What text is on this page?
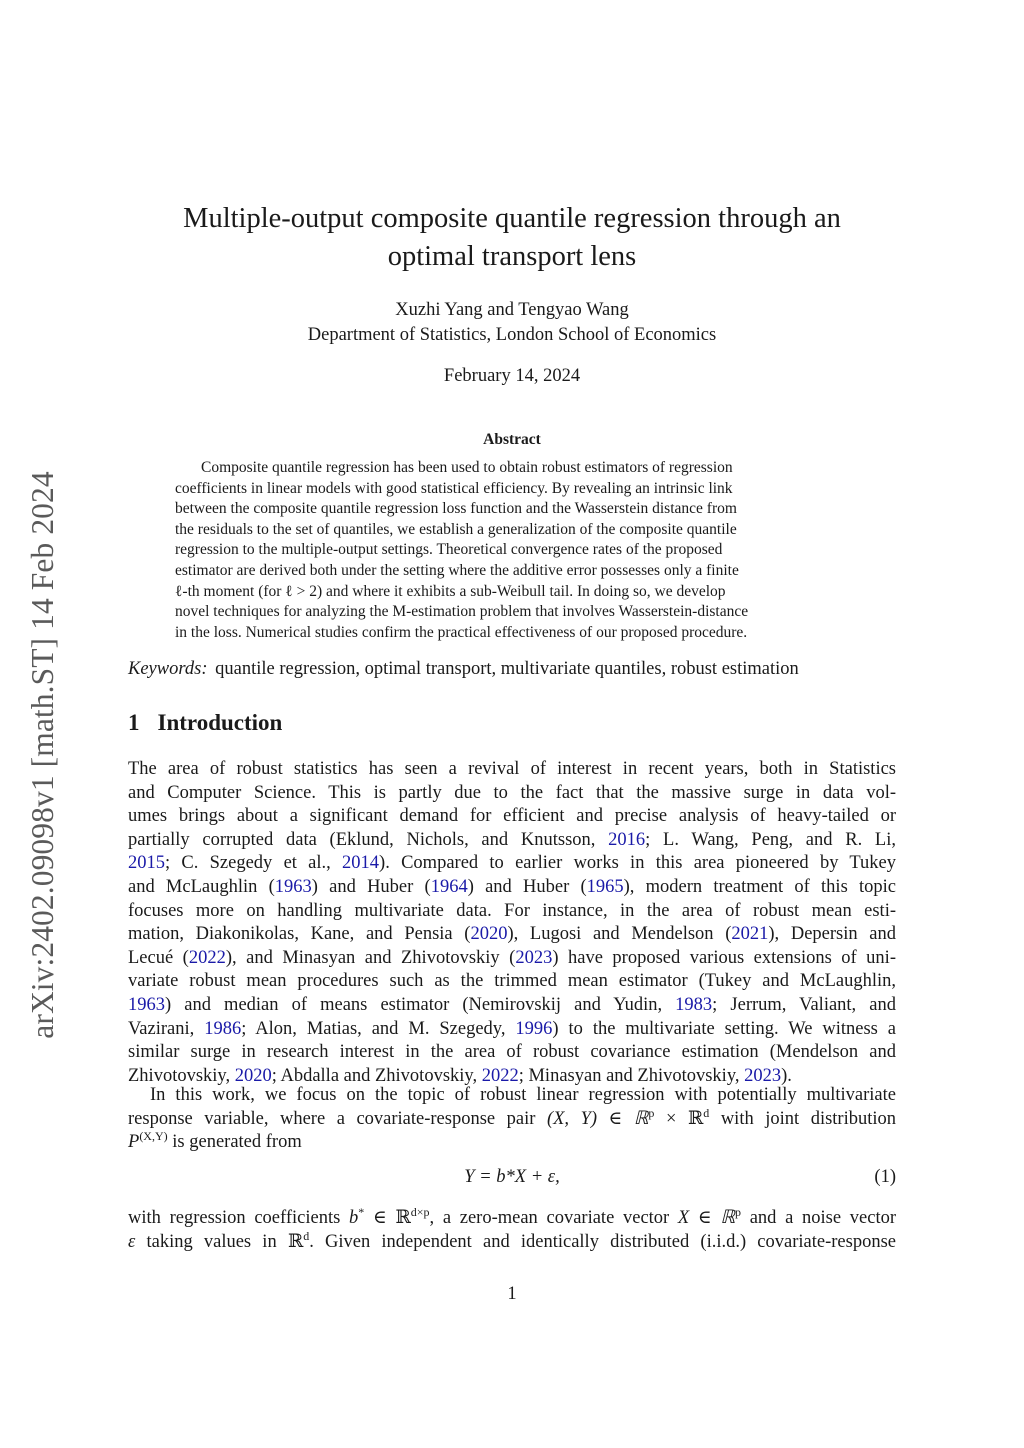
arXiv:2402.09098v1 [math.ST] 14 Feb 2024
Multiple-output composite quantile regression through an
optimal transport lens
Xuzhi Yang and Tengyao Wang
Department of Statistics, London School of Economics
February 14, 2024
Abstract
Composite quantile regression has been used to obtain robust estimators of regression
coefficients in linear models with good statistical efficiency. By revealing an intrinsic link
between the composite quantile regression loss function and the Wasserstein distance from
the residuals to the set of quantiles, we establish a generalization of the composite quantile
regression to the multiple-output settings. Theoretical convergence rates of the proposed
estimator are derived both under the setting where the additive error possesses only a finite
ℓ-th moment (for ℓ > 2) and where it exhibits a sub-Weibull tail. In doing so, we develop
novel techniques for analyzing the M-estimation problem that involves Wasserstein-distance
in the loss. Numerical studies confirm the practical effectiveness of our proposed procedure.
Keywords: quantile regression, optimal transport, multivariate quantiles, robust estimation
1 Introduction
The area of robust statistics has seen a revival of interest in recent years, both in Statistics
and Computer Science. This is partly due to the fact that the massive surge in data vol-
umes brings about a significant demand for efficient and precise analysis of heavy-tailed or
partially corrupted data (Eklund, Nichols, and Knutsson, 2016; L. Wang, Peng, and R. Li,
2015; C. Szegedy et al., 2014). Compared to earlier works in this area pioneered by Tukey
and McLaughlin (1963) and Huber (1964) and Huber (1965), modern treatment of this topic
focuses more on handling multivariate data. For instance, in the area of robust mean esti-
mation, Diakonikolas, Kane, and Pensia (2020), Lugosi and Mendelson (2021), Depersin and
Lecué (2022), and Minasyan and Zhivotovskiy (2023) have proposed various extensions of uni-
variate robust mean procedures such as the trimmed mean estimator (Tukey and McLaughlin,
1963) and median of means estimator (Nemirovskij and Yudin, 1983; Jerrum, Valiant, and
Vazirani, 1986; Alon, Matias, and M. Szegedy, 1996) to the multivariate setting. We witness a
similar surge in research interest in the area of robust covariance estimation (Mendelson and
Zhivotovskiy, 2020; Abdalla and Zhivotovskiy, 2022; Minasyan and Zhivotovskiy, 2023).
In this work, we focus on the topic of robust linear regression with potentially multivariate
response variable, where a covariate-response pair (X, Y) ∈ ℝ$^p$ × ℝ$^d$ with joint distribution
$P^{(X,Y)}$ is generated from
Y = b*X + ε,	(1)
with regression coefficients b* ∈ ℝ$^{d\times p}$, a zero-mean covariate vector X ∈ ℝ$^p$ and a noise vector
ε taking values in ℝ$^d$. Given independent and identically distributed (i.i.d.) covariate-response
1
